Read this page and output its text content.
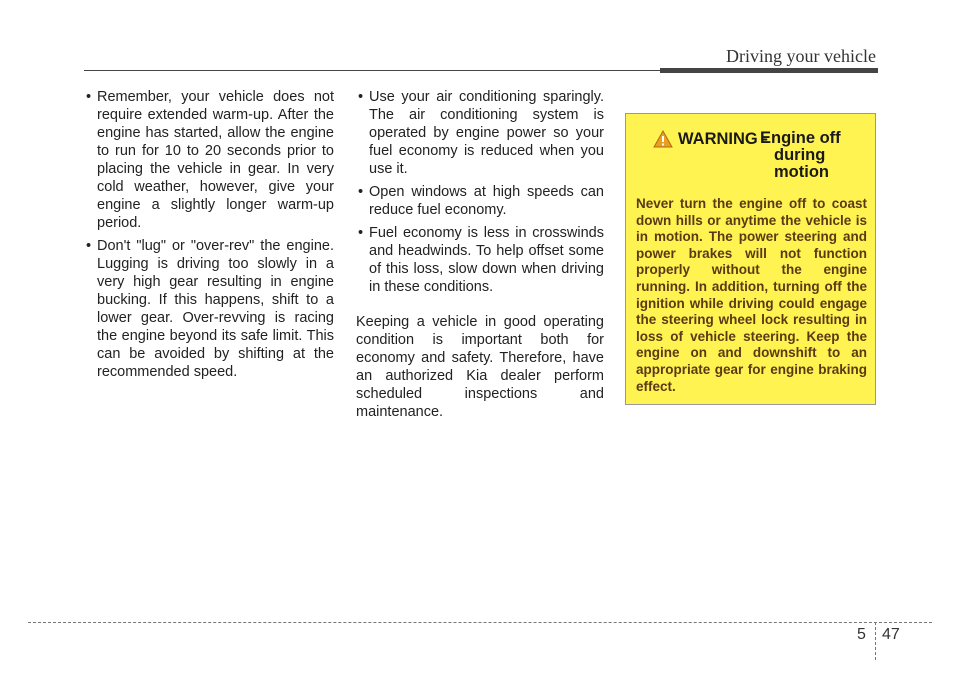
Driving your vehicle
• Remember, your vehicle does not require extended warm-up. After the engine has started, allow the engine to run for 10 to 20 seconds prior to placing the vehicle in gear. In very cold weather, however, give your engine a slightly longer warm-up period.
• Don't "lug" or "over-rev" the engine. Lugging is driving too slowly in a very high gear resulting in engine bucking. If this happens, shift to a lower gear. Over-revving is racing the engine beyond its safe limit. This can be avoided by shifting at the recommended speed.
• Use your air conditioning sparingly. The air conditioning system is operated by engine power so your fuel economy is reduced when you use it.
• Open windows at high speeds can reduce fuel economy.
• Fuel economy is less in crosswinds and headwinds. To help offset some of this loss, slow down when driving in these conditions.
Keeping a vehicle in good operating condition is important both for economy and safety. Therefore, have an authorized Kia dealer perform scheduled inspections and maintenance.
WARNING -
Engine off
during
motion
Never turn the engine off to coast down hills or anytime the vehicle is in motion. The power steering and power brakes will not function properly without the engine running. In addition, turning off the ignition while driving could engage the steering wheel lock resulting in loss of vehicle steering. Keep the engine on and downshift to an appropriate gear for engine braking effect.
5 47
